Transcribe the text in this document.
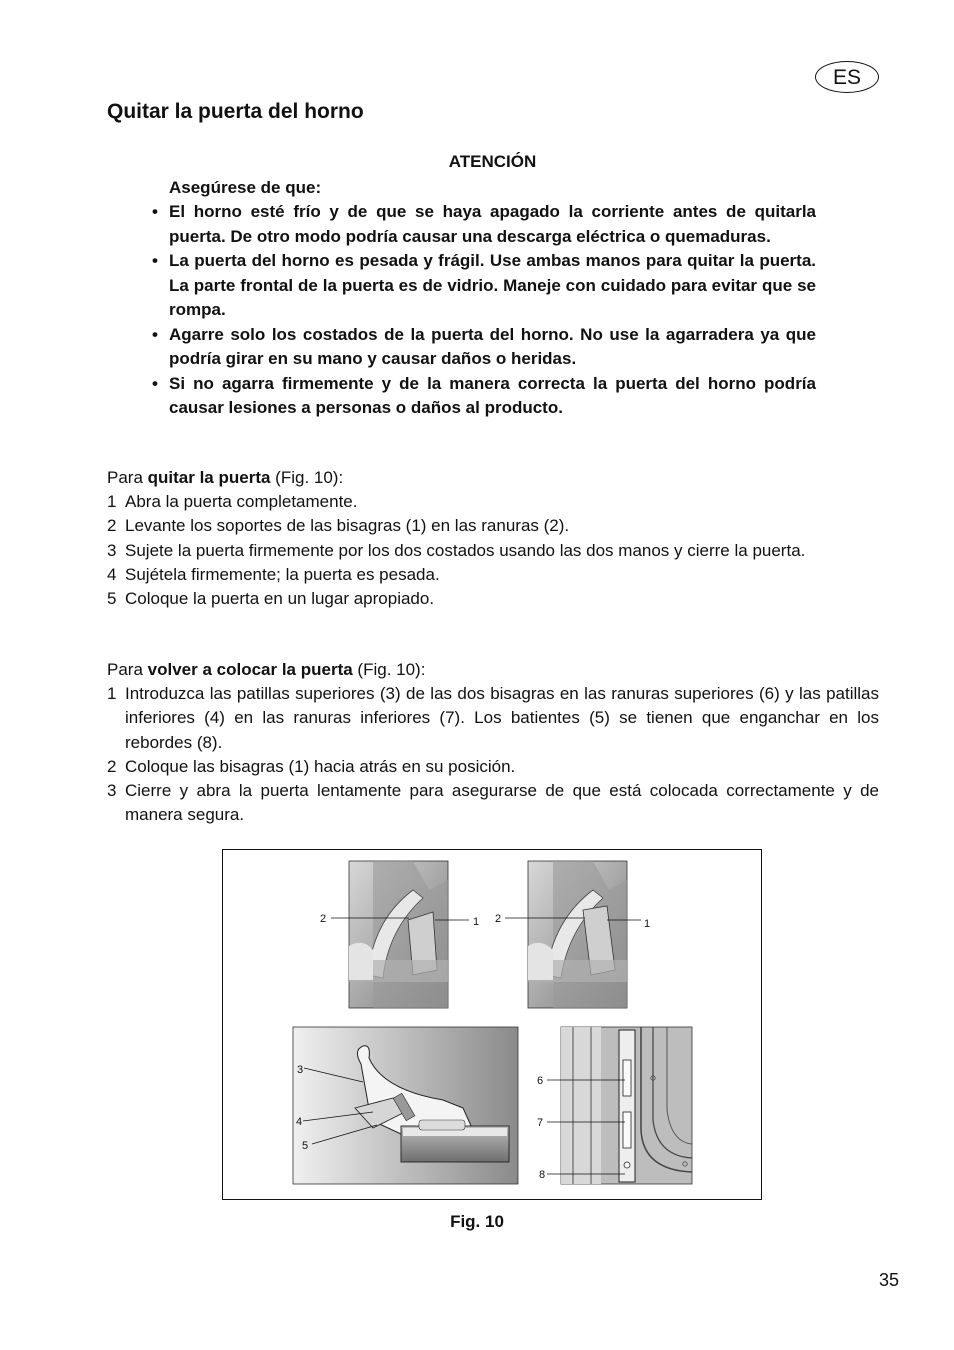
ES
Quitar la puerta del horno
ATENCIÓN
Asegúrese de que:
• El horno esté frío y de que se haya apagado la corriente antes de quitarla puerta. De otro modo podría causar una descarga eléctrica o quemaduras.
• La puerta del horno es pesada y frágil. Use ambas manos para quitar la puerta. La parte frontal de la puerta es de vidrio. Maneje con cuidado para evitar que se rompa.
• Agarre solo los costados de la puerta del horno. No use la agarradera ya que podría girar en su mano y causar daños o heridas.
• Si no agarra firmemente y de la manera correcta la puerta del horno podría causar lesiones a personas o daños al producto.
Para quitar la puerta (Fig. 10):
1 Abra la puerta completamente.
2 Levante los soportes de las bisagras (1) en las ranuras (2).
3 Sujete la puerta firmemente por los dos costados usando las dos manos y cierre la puerta.
4 Sujételа firmemente; la puerta es pesada.
5 Coloque la puerta en un lugar apropiado.
Para volver a colocar la puerta (Fig. 10):
1 Introduzca las patillas superiores (3) de las dos bisagras en las ranuras superiores (6) y las patillas inferiores (4) en las ranuras inferiores (7). Los batientes (5) se tienen que enganchar en los rebordes (8).
2 Coloque las bisagras (1) hacia atrás en su posición.
3 Cierre y abra la puerta lentamente para asegurarse de que está colocada correctamente y de manera segura.
2	1 2	1
3
4
5
6
7
8
Fig. 10
35
